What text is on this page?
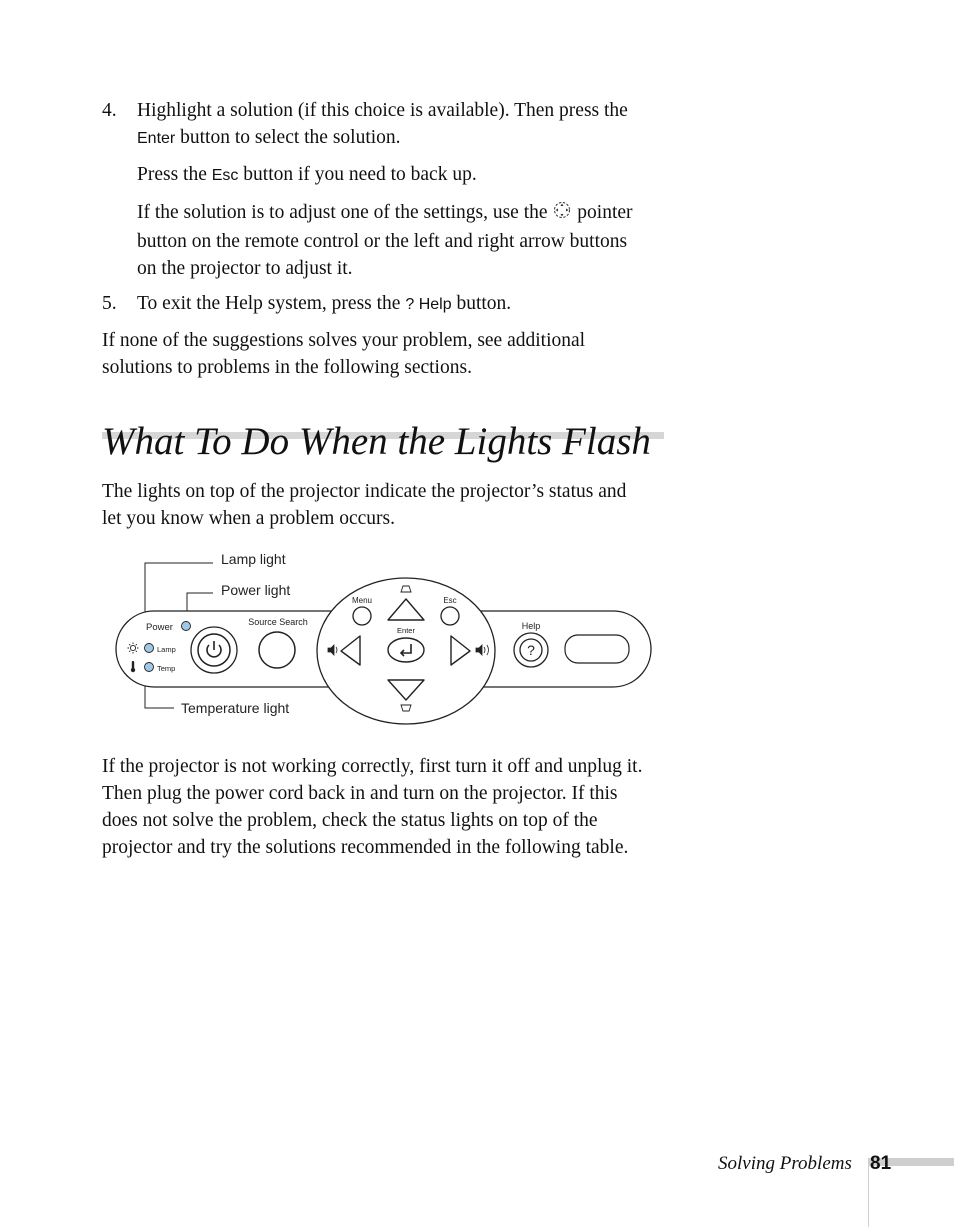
4. Highlight a solution (if this choice is available). Then press the
Enter button to select the solution.
Press the Esc button if you need to back up.
If the solution is to adjust one of the settings, use the  pointer
button on the remote control or the left and right arrow buttons
on the projector to adjust it.
5. To exit the Help system, press the ? Help button.
If none of the suggestions solves your problem, see additional
solutions to problems in the following sections.
What To Do When the Lights Flash
The lights on top of the projector indicate the projector’s status and
let you know when a problem occurs.
?
Power
Lamp
Temp
Source Search
Menu	Esc
Enter	Help
Lamp light
Power light
Temperature light
If the projector is not working correctly, first turn it off and unplug it.
Then plug the power cord back in and turn on the projector. If this
does not solve the problem, check the status lights on top of the
projector and try the solutions recommended in the following table.
Solving Problems 81
